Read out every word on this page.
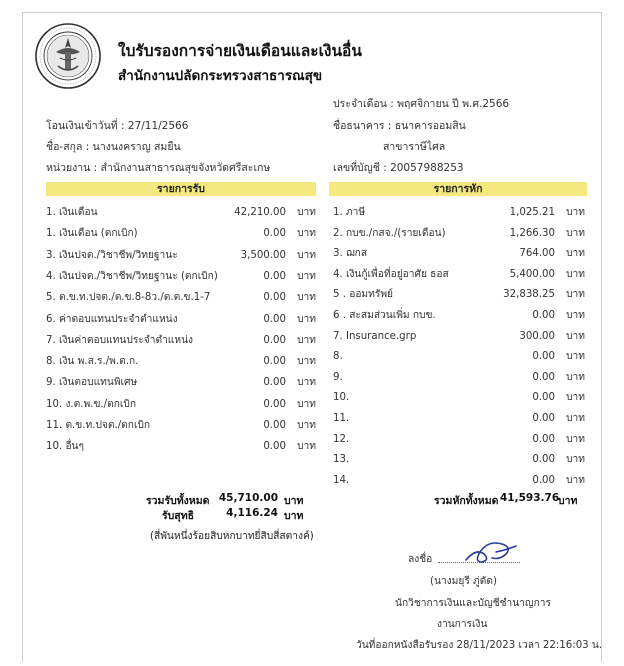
ใบรับรองการจ่ายเงินเดือนและเงินอื่น
สำนักงานปลัดกระทรวงสาธารณสุข
ประจำเดือน : พฤศจิกายน ปี พ.ศ.2566
โอนเงินเข้าวันที่ : 27/11/2566	ชื่อธนาคาร : ธนาคารออมสิน
ชื่อ-สกุล : นางนงคราญ สมยืน	สาขาราษีไศล
หน่วยงาน : สำนักงานสาธารณสุขจังหวัดศรีสะเกษ	เลขที่บัญชี : 20057988253
รายการรับ	รายการหัก
1. เงินเดือน	42,210.00 บาท
1. เงินเดือน (ตกเบิก)	0.00 บาท
3. เงินปจต./วิชาชีพ/วิทยฐานะ	3,500.00 บาท
4. เงินปจต./วิชาชีพ/วิทยฐานะ (ตกเบิก)	0.00 บาท
5. ต.ข.ท.ปจต./ต.ข.8-8ว./ต.ต.ข.1-7	0.00 บาท
6. ค่าตอบแทนประจำตำแหน่ง	0.00 บาท
7. เงินค่าตอบแทนประจำตำแหน่ง	0.00 บาท
8. เงิน พ.ส.ร./พ.ต.ก.	0.00 บาท
9. เงินตอบแทนพิเศษ	0.00 บาท
10. ง.ต.พ.ข./ตกเบิก	0.00 บาท
11. ต.ข.ท.ปจต./ตกเบิก	0.00 บาท
10. อื่นๆ	0.00 บาท
1. ภาษี	1,025.21 บาท
2. กบข./กสจ./(รายเดือน)	1,266.30 บาท
3. ฌกส	764.00 บาท
4. เงินกู้เพื่อที่อยู่อาศัย ธอส	5,400.00 บาท
5 . ออมทรัพย์	32,838.25 บาท
6 . สะสมส่วนเพิ่ม กบข.	0.00 บาท
7. Insurance.grp	300.00 บาท
8.	0.00 บาท
9.	0.00 บาท
10.	0.00 บาท
11.	0.00 บาท
12.	0.00 บาท
13.	0.00 บาท
14.	0.00 บาท
รวมรับทั้งหมด 45,710.00 บาท
รับสุทธิ	4,116.24 บาท
(สี่พันหนึ่งร้อยสิบหกบาทยี่สิบสี่สตางค์)
รวมหักทั้งหมด 41,593.76
บาท
ลงชื่อ
(นางมยุรี ภู่ดัด)
นักวิชาการเงินและบัญชีชำนาญการ
งานการเงิน
วันที่ออกหนังสือรับรอง 28/11/2023 เวลา 22:16:03 น.
